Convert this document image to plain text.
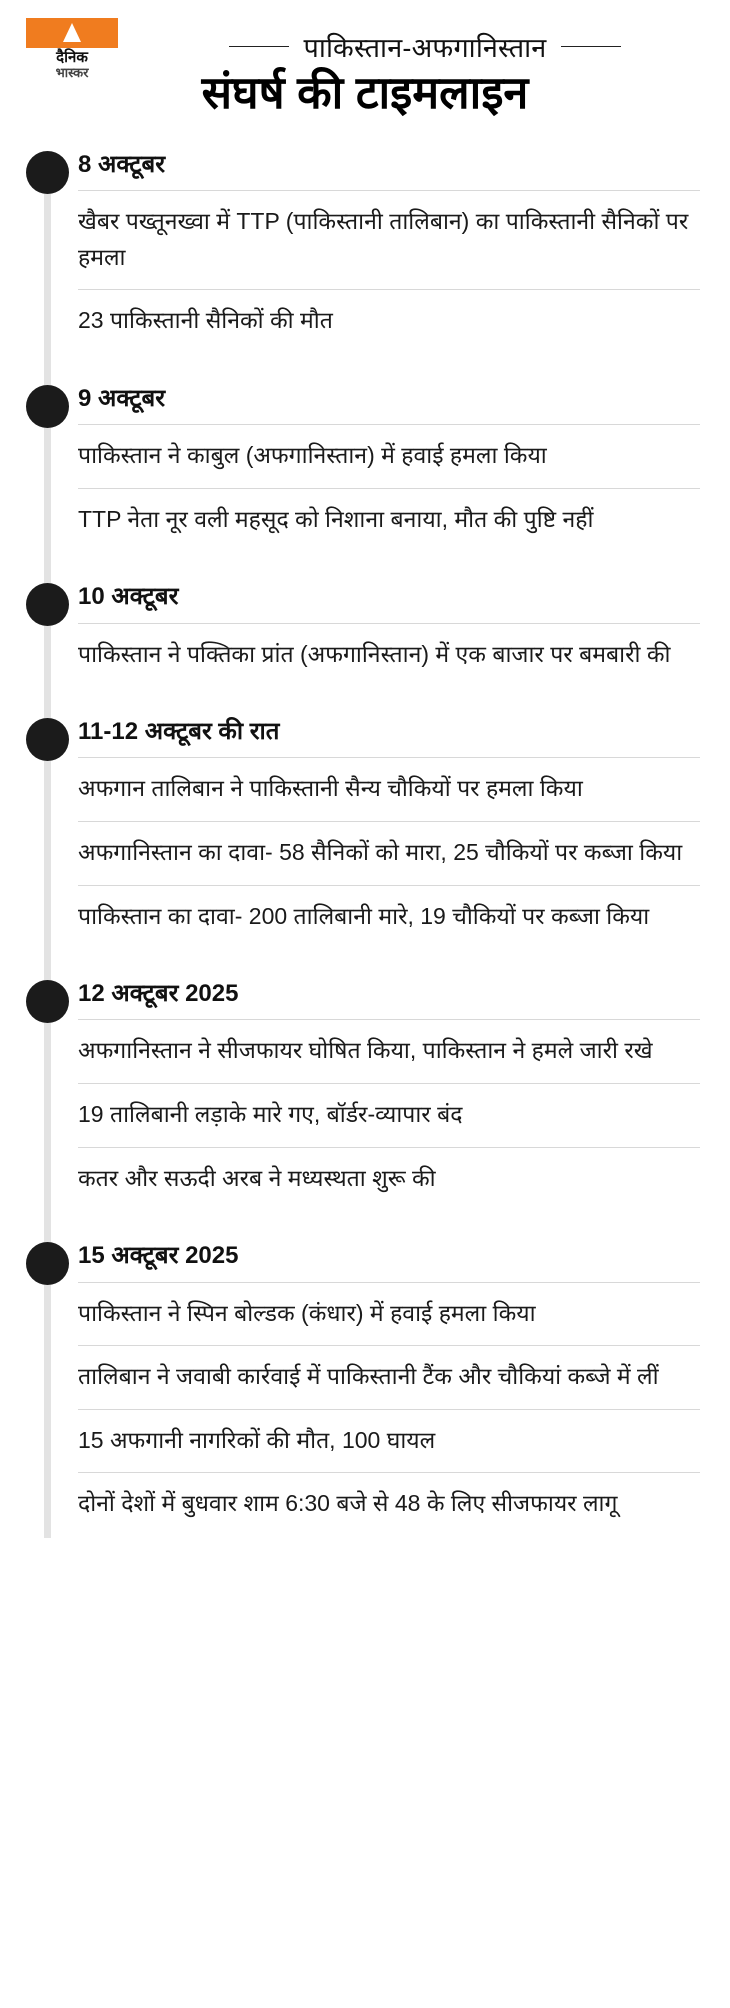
दैनिक
भास्कर
पाकिस्तान-अफगानिस्तान
संघर्ष की टाइमलाइन
8 अक्टूबर
खैबर पख्तूनख्वा में TTP (पाकिस्तानी तालिबान) का पाकिस्तानी सैनिकों पर हमला
23 पाकिस्तानी सैनिकों की मौत
9 अक्टूबर
पाकिस्तान ने काबुल (अफगानिस्तान) में हवाई हमला किया
TTP नेता नूर वली महसूद को निशाना बनाया, मौत की पुष्टि नहीं
10 अक्टूबर
पाकिस्तान ने पक्तिका प्रांत (अफगानिस्तान) में एक बाजार पर बमबारी की
11-12 अक्टूबर की रात
अफगान तालिबान ने पाकिस्तानी सैन्य चौकियों पर हमला किया
अफगानिस्तान का दावा- 58 सैनिकों को मारा, 25 चौकियों पर कब्जा किया
पाकिस्तान का दावा- 200 तालिबानी मारे, 19 चौकियों पर कब्जा किया
12 अक्टूबर 2025
अफगानिस्तान ने सीजफायर घोषित किया, पाकिस्तान ने हमले जारी रखे
19 तालिबानी लड़ाके मारे गए, बॉर्डर-व्यापार बंद
कतर और सऊदी अरब ने मध्यस्थता शुरू की
15 अक्टूबर 2025
पाकिस्तान ने स्पिन बोल्डक (कंधार) में हवाई हमला किया
तालिबान ने जवाबी कार्रवाई में पाकिस्तानी टैंक और चौकियां कब्जे में लीं
15 अफगानी नागरिकों की मौत, 100 घायल
दोनों देशों में बुधवार शाम 6:30 बजे से 48 के लिए सीजफायर लागू
